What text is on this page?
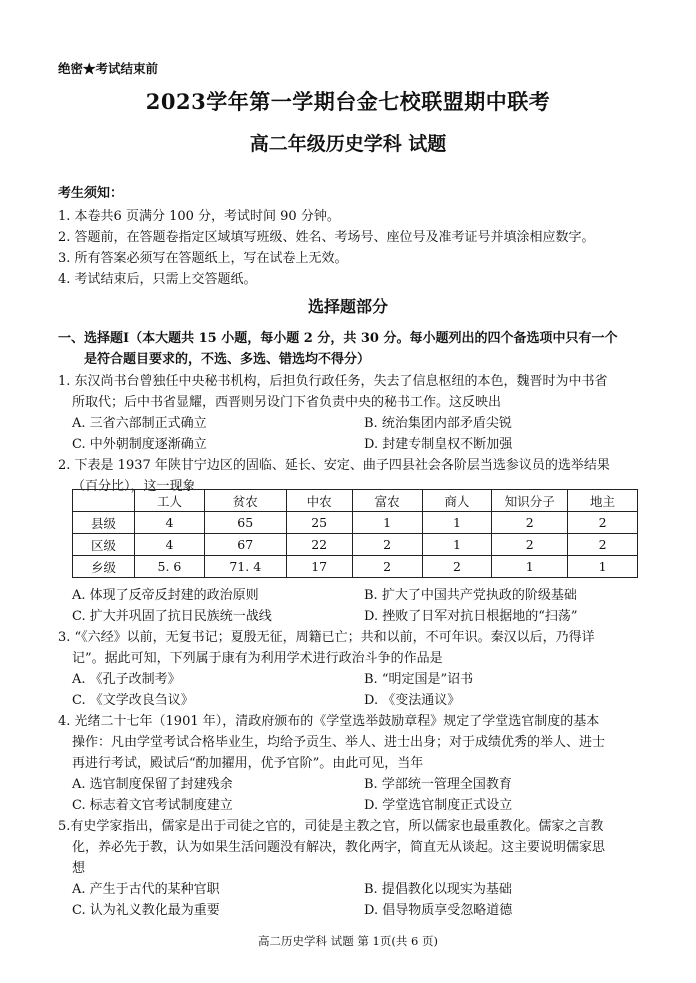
绝密★考试结束前
2023学年第一学期台金七校联盟期中联考
高二年级历史学科 试题
考生须知：
1. 本卷共6 页满分 100 分，考试时间 90 分钟。
2. 答题前，在答题卷指定区域填写班级、姓名、考场号、座位号及准考证号并填涂相应数字。
3. 所有答案必须写在答题纸上，写在试卷上无效。
4. 考试结束后，只需上交答题纸。
选择题部分
一、选择题Ⅰ（本大题共 15 小题，每小题 2 分，共 30 分。每小题列出的四个备选项中只有一个
是符合题目要求的，不选、多选、错选均不得分）
1. 东汉尚书台曾独任中央秘书机构，后担负行政任务，失去了信息枢纽的本色，魏晋时为中书省
所取代；后中书省显耀，西晋则另设门下省负责中央的秘书工作。这反映出
A. 三省六部制正式确立	B. 统治集团内部矛盾尖锐
C. 中外朝制度逐渐确立	D. 封建专制皇权不断加强
2. 下表是 1937 年陕甘宁边区的固临、延长、安定、曲子四县社会各阶层当选参议员的选举结果
（百分比），这一现象
	工人	贫农	中农	富农	商人	知识分子	地主
县级	4	65	25	1	1	2	2
区级	4	67	22	2	1	2	2
乡级	5. 6	71. 4	17	2	2	1	1
A. 体现了反帝反封建的政治原则	B. 扩大了中国共产党执政的阶级基础
C. 扩大并巩固了抗日民族统一战线	D. 挫败了日军对抗日根据地的“扫荡”
3. “《六经》以前，无复书记；夏殷无征，周籍已亡；共和以前，不可年识。秦汉以后，乃得详
记”。据此可知，下列属于康有为利用学术进行政治斗争的作品是
A. 《孔子改制考》	B. “明定国是”诏书
C. 《文学改良刍议》	D. 《变法通议》
4. 光绪二十七年（1901 年），清政府颁布的《学堂选举鼓励章程》规定了学堂选官制度的基本
操作：凡由学堂考试合格毕业生，均给予贡生、举人、进士出身；对于成绩优秀的举人、进士
再进行考试，殿试后“酌加擢用，优予官阶”。由此可见，当年
A. 选官制度保留了封建残余	B. 学部统一管理全国教育
C. 标志着文官考试制度建立	D. 学堂选官制度正式设立
5.有史学家指出，儒家是出于司徒之官的，司徒是主教之官，所以儒家也最重教化。儒家之言教
化，养必先于教，认为如果生活问题没有解决，教化两字，简直无从谈起。这主要说明儒家思
想
A. 产生于古代的某种官职	B. 提倡教化以现实为基础
C. 认为礼义教化最为重要	D. 倡导物质享受忽略道德
高二历史学科 试题 第 1页(共 6 页)
